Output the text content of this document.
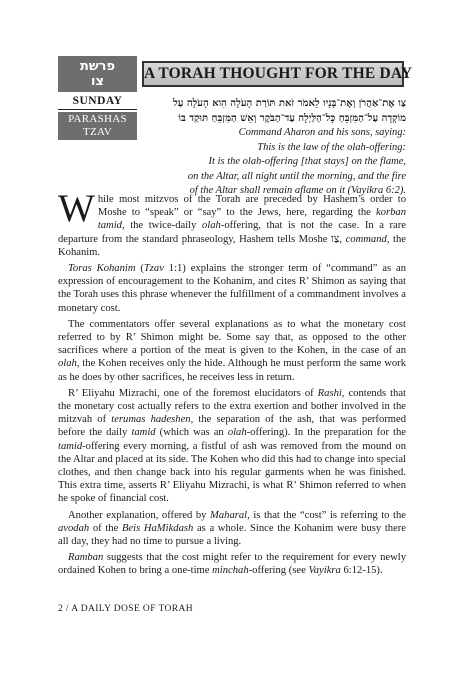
פרשת
צו
SUNDAY
PARASHAS
TZAV
A TORAH THOUGHT FOR THE DAY
צַו אֶת־אַהֲרֹן וְאֶת־בָּנָיו לֵאמֹר זֹאת תּוֹרַת הָעֹלָה הִוא הָעֹלָה עַל
מוֹקְדָה עַל־הַמִּזְבֵּחַ כָּל־הַלַּיְלָה עַד־הַבֹּקֶר וְאֵשׁ הַמִּזְבֵּחַ תּוּקַד בּוֹ
Command Aharon and his sons, saying:
This is the law of the olah-offering:
It is the olah-offering [that stays] on the flame,
on the Altar, all night until the morning, and the fire
of the Altar shall remain aflame on it (Vayikra 6:2).

While most mitzvos of the Torah are preceded by Hashem’s order to Moshe to “speak” or “say” to the Jews, here, regarding the korban tamid, the twice-daily olah-offering, that is not the case. In a rare departure from the standard phraseology, Hashem tells Moshe צַו, command, the Kohanim.

Toras Kohanim (Tzav 1:1) explains the stronger term of “command” as an expression of encouragement to the Kohanim, and cites R’ Shimon as saying that the Torah uses this phrase whenever the fulfillment of a commandment involves a monetary cost.

The commentators offer several explanations as to what the monetary cost referred to by R’ Shimon might be. Some say that, as opposed to the other sacrifices where a portion of the meat is given to the Kohen, in the case of an olah, the Kohen receives only the hide. Although he must perform the same work as he does by other sacrifices, he receives less in return.

R’ Eliyahu Mizrachi, one of the foremost elucidators of Rashi, contends that the monetary cost actually refers to the extra exertion and bother involved in the mitzvah of terumas hadeshen, the separation of the ash, that was performed before the daily tamid (which was an olah-offering). In the preparation for the tamid-offering every morning, a fistful of ash was removed from the mound on the Altar and placed at its side. The Kohen who did this had to change into special clothes, and then change back into his regular garments when he was finished. This extra time, asserts R’ Eliyahu Mizrachi, is what R’ Shimon referred to when he spoke of financial cost.

Another explanation, offered by Maharal, is that the “cost” is referring to the avodah of the Beis HaMikdash as a whole. Since the Kohanim were busy there all day, they had no time to pursue a living.

Ramban suggests that the cost might refer to the requirement for every newly ordained Kohen to bring a one-time minchah-offering (see Vayikra 6:12-15).

2 / A DAILY DOSE OF TORAH
